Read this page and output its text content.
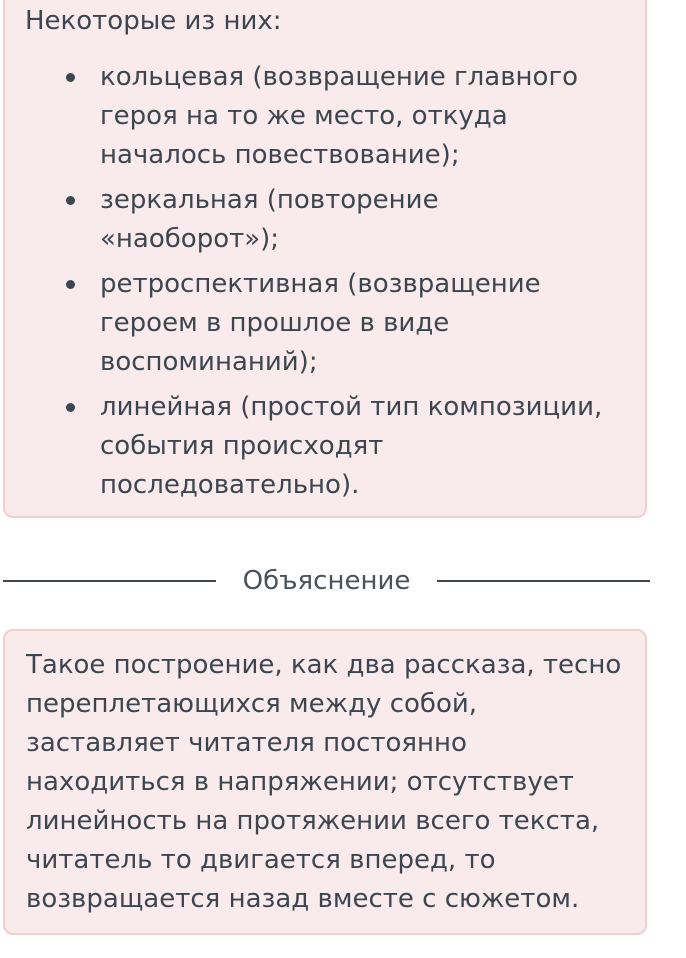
Некоторые из них:

кольцевая (возвращение главного героя на то же место, откуда началось повествование);
зеркальная (повторение «наоборот»);
ретроспективная (возвращение героем в прошлое в виде воспоминаний);
линейная (простой тип композиции, события происходят последовательно).
Объяснение

Такое построение, как два рассказа, тесно переплетающихся между собой, заставляет читателя постоянно находиться в напряжении; отсутствует линейность на протяжении всего текста, читатель то двигается вперед, то возвращается назад вместе с сюжетом.
